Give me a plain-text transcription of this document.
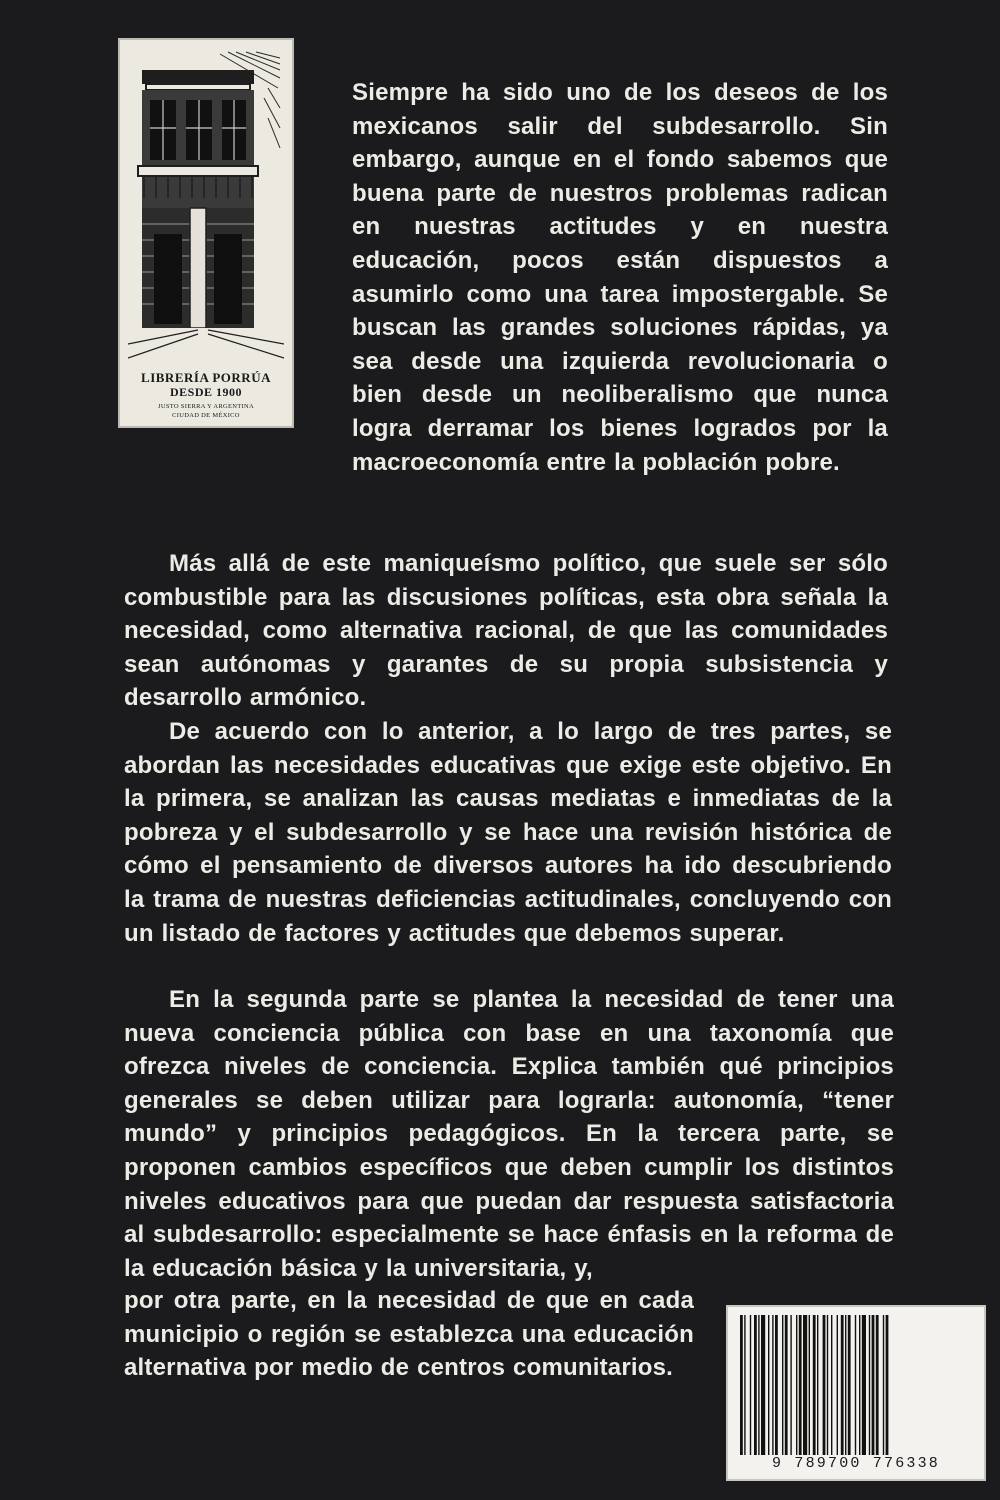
LIBRERÍA PORRÚA
DESDE 1900
JUSTO SIERRA Y ARGENTINA
CIUDAD DE MÉXICO

Siempre ha sido uno de los deseos de los mexicanos salir del subdesarrollo. Sin embargo, aunque en el fondo sabemos que buena parte de nuestros problemas radican en nuestras actitudes y en nuestra educación, pocos están dispuestos a asumirlo como una tarea impostergable. Se buscan las grandes soluciones rápidas, ya sea desde una izquierda revolucionaria o bien desde un neoliberalismo que nunca logra derramar los bienes logrados por la macroeconomía entre la población pobre.

Más allá de este maniqueísmo político, que suele ser sólo combustible para las discusiones políticas, esta obra señala la necesidad, como alternativa racional, de que las comunidades sean autónomas y garantes de su propia subsistencia y desarrollo armónico.

De acuerdo con lo anterior, a lo largo de tres partes, se abordan las necesidades educativas que exige este objetivo. En la primera, se analizan las causas mediatas e inmediatas de la pobreza y el subdesarrollo y se hace una revisión histórica de cómo el pensamiento de diversos autores ha ido descubriendo la trama de nuestras deficiencias actitudinales, concluyendo con un listado de factores y actitudes que debemos superar.

En la segunda parte se plantea la necesidad de tener una nueva conciencia pública con base en una taxonomía que ofrezca niveles de conciencia. Explica también qué principios generales se deben utilizar para lograrla: autonomía, “tener mundo” y principios pedagógicos. En la tercera parte, se proponen cambios específicos que deben cumplir los distintos niveles educativos para que puedan dar respuesta satisfactoria al subdesarrollo: especialmente se hace énfasis en la reforma de la educación básica y la universitaria, y,

por otra parte, en la necesidad de que en cada municipio o región se establezca una educación alternativa por medio de centros comunitarios.

9 789700 776338
